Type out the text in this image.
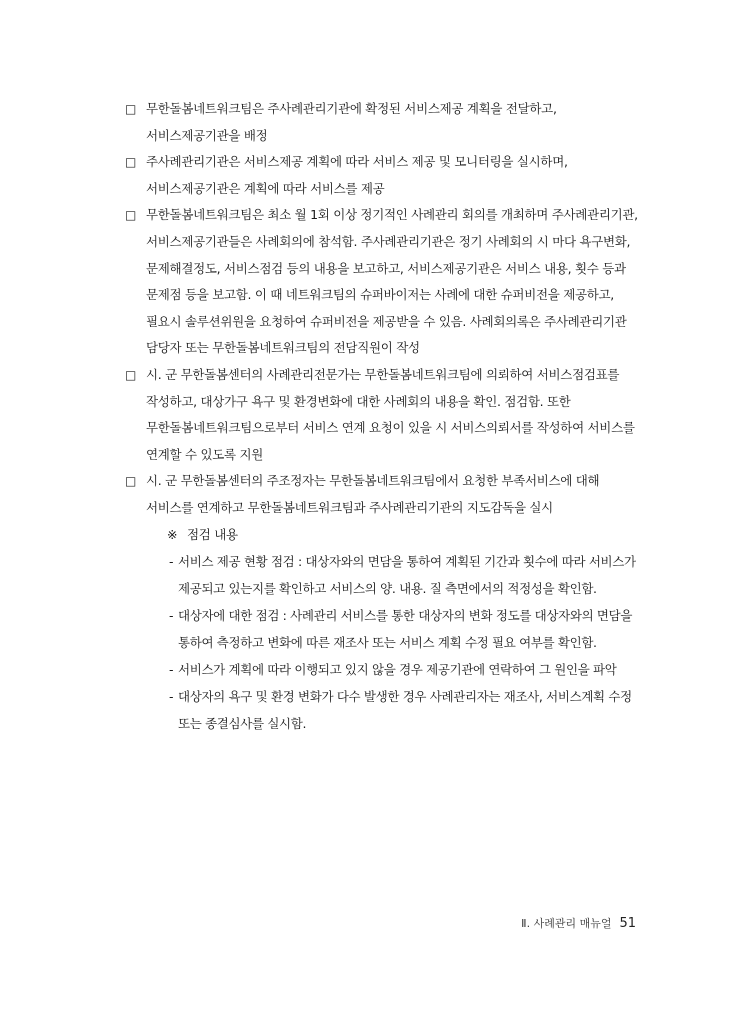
□ 무한돌봄네트워크팀은 주사례관리기관에 확정된 서비스제공 계획을 전달하고, 서비스제공기관을 배정
□ 주사례관리기관은 서비스제공 계획에 따라 서비스 제공 및 모니터링을 실시하며, 서비스제공기관은 계획에 따라 서비스를 제공
□ 무한돌봄네트워크팀은 최소 월 1회 이상 정기적인 사례관리 회의를 개최하며 주사례관리기관, 서비스제공기관들은 사례회의에 참석함. 주사례관리기관은 정기 사례회의 시 마다 욕구변화, 문제해결정도, 서비스점검 등의 내용을 보고하고, 서비스제공기관은 서비스 내용, 횟수 등과 문제점 등을 보고함. 이 때 네트워크팀의 슈퍼바이저는 사례에 대한 슈퍼비전을 제공하고, 필요시 솔루션위원을 요청하여 슈퍼비전을 제공받을 수 있음. 사례회의록은 주사례관리기관 담당자 또는 무한돌봄네트워크팀의 전담직원이 작성
□ 시. 군 무한돌봄센터의 사례관리전문가는 무한돌봄네트워크팀에 의뢰하여 서비스점검표를 작성하고, 대상가구 욕구 및 환경변화에 대한 사례회의 내용을 확인. 점검함. 또한 무한돌봄네트워크팀으로부터 서비스 연계 요청이 있을 시 서비스의뢰서를 작성하여 서비스를 연계할 수 있도록 지원
□ 시. 군 무한돌봄센터의 주조정자는 무한돌봄네트워크팀에서 요청한 부족서비스에 대해 서비스를 연계하고 무한돌봄네트워크팀과 주사례관리기관의 지도감독을 실시
※ 점검 내용
- 서비스 제공 현황 점검 : 대상자와의 면담을 통하여 계획된 기간과 횟수에 따라 서비스가 제공되고 있는지를 확인하고 서비스의 양. 내용. 질 측면에서의 적정성을 확인함.
- 대상자에 대한 점검 : 사례관리 서비스를 통한 대상자의 변화 정도를 대상자와의 면담을 통하여 측정하고 변화에 따른 재조사 또는 서비스 계획 수정 필요 여부를 확인함.
- 서비스가 계획에 따라 이행되고 있지 않을 경우 제공기관에 연락하여 그 원인을 파악
- 대상자의 욕구 및 환경 변화가 다수 발생한 경우 사례관리자는 재조사, 서비스계획 수정 또는 종결심사를 실시함.
Ⅱ. 사례관리 매뉴얼 51
